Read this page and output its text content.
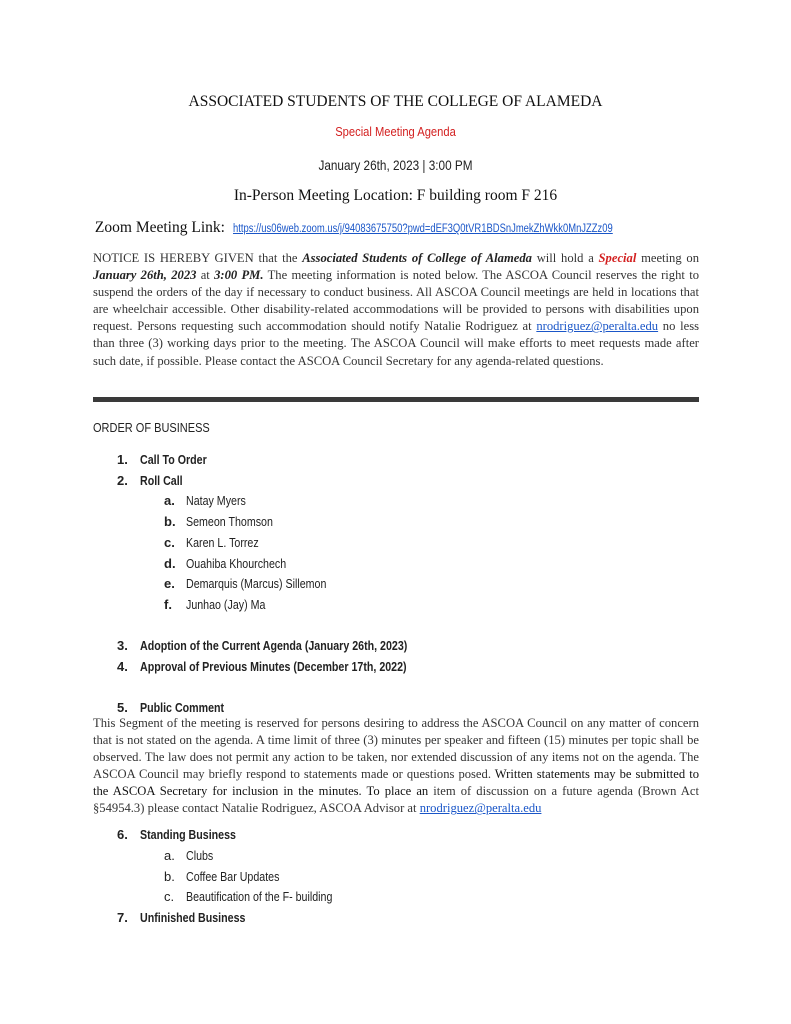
ASSOCIATED STUDENTS OF THE COLLEGE OF ALAMEDA
Special Meeting Agenda
January 26th, 2023 | 3:00 PM
In-Person Meeting Location: F building room F 216
Zoom Meeting Link: https://us06web.zoom.us/j/94083675750?pwd=dEF3Q0tVR1BDSnJmekZhWkk0MnJZZz09
NOTICE IS HEREBY GIVEN that the Associated Students of College of Alameda will hold a Special meeting on January 26th, 2023 at 3:00 PM. The meeting information is noted below. The ASCOA Council reserves the right to suspend the orders of the day if necessary to conduct business. All ASCOA Council meetings are held in locations that are wheelchair accessible. Other disability-related accommodations will be provided to persons with disabilities upon request. Persons requesting such accommodation should notify Natalie Rodriguez at nrodriguez@peralta.edu no less than three (3) working days prior to the meeting. The ASCOA Council will make efforts to meet requests made after such date, if possible. Please contact the ASCOA Council Secretary for any agenda-related questions.
ORDER OF BUSINESS
1. Call To Order
2. Roll Call
a. Natay Myers
b. Semeon Thomson
c. Karen L. Torrez
d. Ouahiba Khourchech
e. Demarquis (Marcus) Sillemon
f. Junhao (Jay) Ma
3. Adoption of the Current Agenda (January 26th, 2023)
4. Approval of Previous Minutes (December 17th, 2022)
5. Public Comment
This Segment of the meeting is reserved for persons desiring to address the ASCOA Council on any matter of concern that is not stated on the agenda. A time limit of three (3) minutes per speaker and fifteen (15) minutes per topic shall be observed. The law does not permit any action to be taken, nor extended discussion of any items not on the agenda. The ASCOA Council may briefly respond to statements made or questions posed. Written statements may be submitted to the ASCOA Secretary for inclusion in the minutes. To place an item of discussion on a future agenda (Brown Act §54954.3) please contact Natalie Rodriguez, ASCOA Advisor at nrodriguez@peralta.edu
6. Standing Business
a. Clubs
b. Coffee Bar Updates
c. Beautification of the F- building
7. Unfinished Business
